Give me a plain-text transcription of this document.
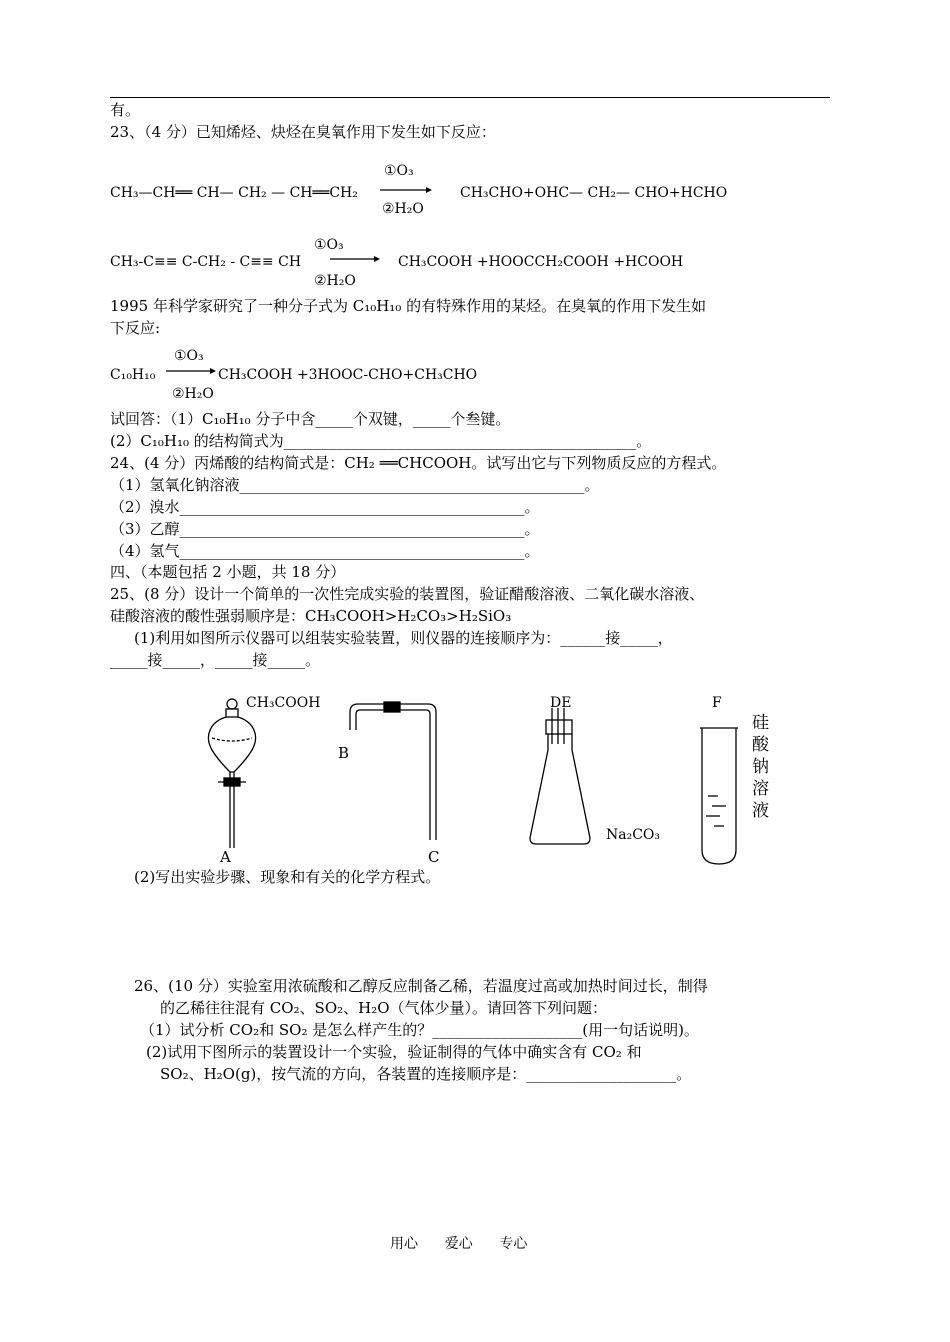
有。
23、（4 分）已知烯烃、炔烃在臭氧作用下发生如下反应：
CH₃—CH══ CH— CH₂ — CH══CH₂
①O₃
②H₂O
CH₃CHO+OHC— CH₂— CHO+HCHO
CH₃-C≡≡ C-CH₂ - C≡≡ CH
①O₃
②H₂O
CH₃COOH +HOOCCH₂COOH +HCOOH
1995 年科学家研究了一种分子式为 C₁₀H₁₀ 的有特殊作用的某烃。在臭氧的作用下发生如
下反应:
C₁₀H₁₀
①O₃
②H₂O
CH₃COOH +3HOOC-CHO+CH₃CHO
试回答：（1）C₁₀H₁₀ 分子中含_____个双键，_____个叁键。
(2）C₁₀H₁₀ 的结构简式为_______________________________________________。
24、(4 分）丙烯酸的结构简式是：CH₂ ══CHCOOH。试写出它与下列物质反应的方程式。
（1）氢氧化钠溶液______________________________________________。
（2）溴水______________________________________________。
（3）乙醇______________________________________________。
（4）氢气______________________________________________。
四、（本题包括 2 小题，共 18 分）
25、(8 分）设计一个简单的一次性完成实验的装置图，验证醋酸溶液、二氧化碳水溶液、
硅酸溶液的酸性强弱顺序是：CH₃COOH>H₂CO₃>H₂SiO₃
(1)利用如图所示仪器可以组装实验装置，则仪器的连接顺序为：______接_____，
_____接_____，_____接_____。
CH₃COOH
A
B
C
DE
Na₂CO₃
F
硅酸钠溶液
(2)写出实验步骤、现象和有关的化学方程式。
26、(10 分）实验室用浓硫酸和乙醇反应制备乙稀，若温度过高或加热时间过长，制得
的乙稀往往混有 CO₂、SO₂、H₂O（气体少量）。请回答下列问题：
（1）试分析 CO₂和 SO₂ 是怎么样产生的？____________________(用一句话说明)。
(2)试用下图所示的装置设计一个实验，验证制得的气体中确实含有 CO₂ 和
SO₂、H₂O(g)，按气流的方向，各装置的连接顺序是：____________________。
用心      爱心      专心
